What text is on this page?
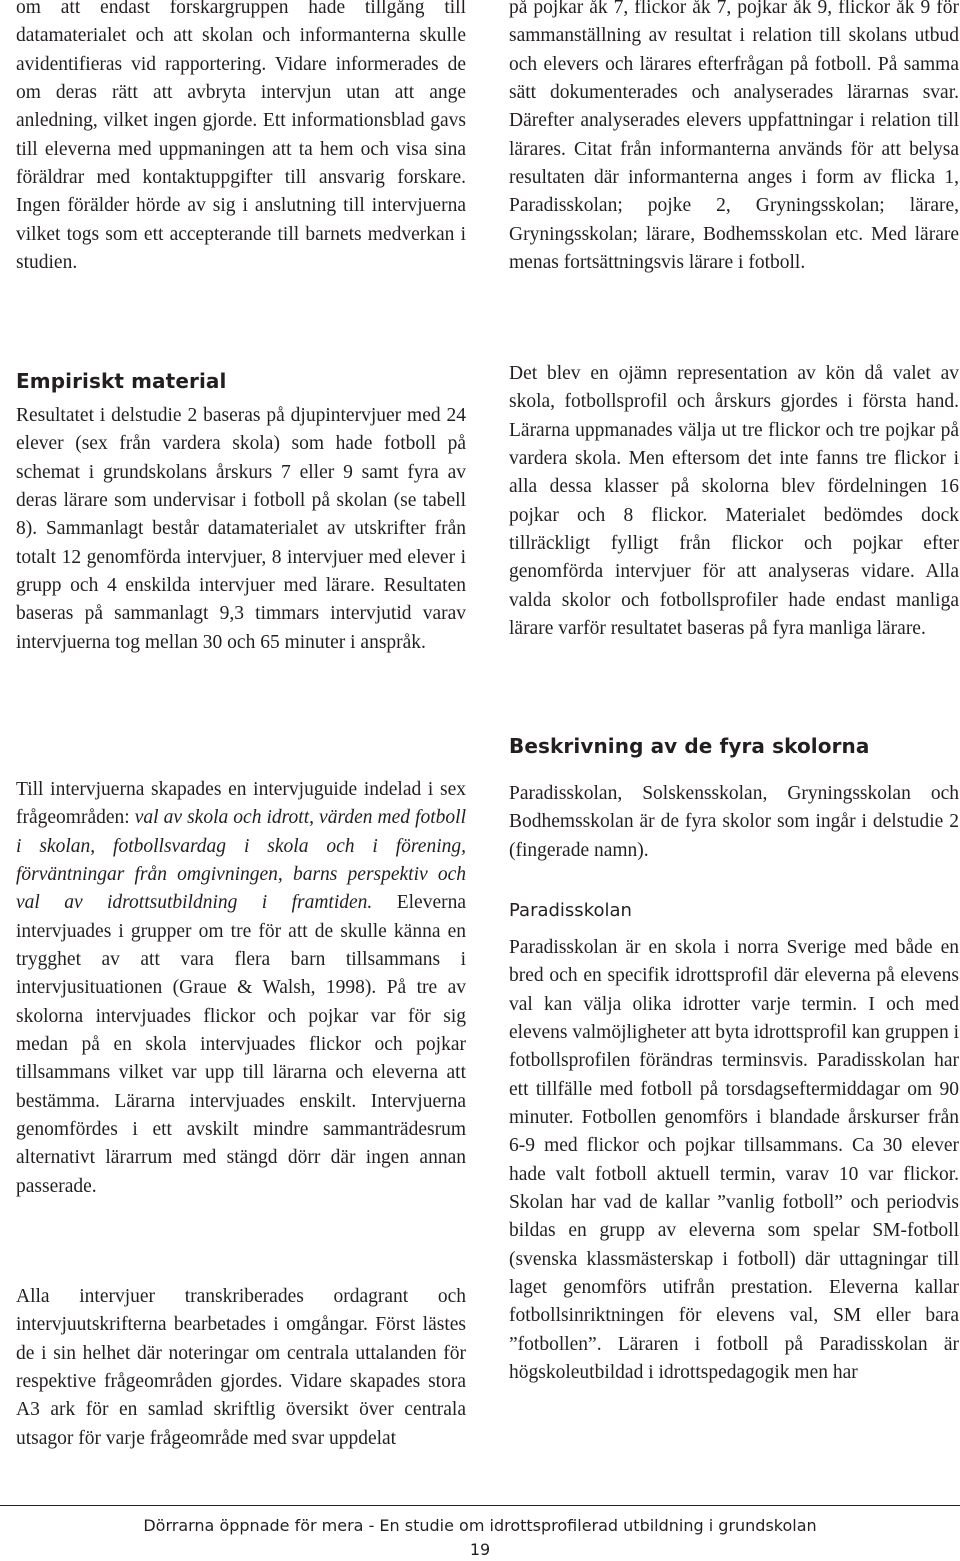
om att endast forskargruppen hade tillgång till datamaterialet och att skolan och informanterna skulle avidentifieras vid rapportering. Vidare informerades de om deras rätt att avbryta intervjun utan att ange anledning, vilket ingen gjorde. Ett informationsblad gavs till eleverna med uppmaningen att ta hem och visa sina föräldrar med kontaktuppgifter till ansvarig forskare. Ingen förälder hörde av sig i anslutning till intervjuerna vilket togs som ett accepterande till barnets medverkan i studien.

Empiriskt material

Resultatet i delstudie 2 baseras på djupintervjuer med 24 elever (sex från vardera skola) som hade fotboll på schemat i grundskolans årskurs 7 eller 9 samt fyra av deras lärare som undervisar i fotboll på skolan (se tabell 8). Sammanlagt består datamaterialet av utskrifter från totalt 12 genomförda intervjuer, 8 intervjuer med elever i grupp och 4 enskilda intervjuer med lärare. Resultaten baseras på sammanlagt 9,3 timmars intervjutid varav intervjuerna tog mellan 30 och 65 minuter i anspråk.

Till intervjuerna skapades en intervjuguide indelad i sex frågeområden: val av skola och idrott, värden med fotboll i skolan, fotbollsvardag i skola och i förening, förväntningar från omgivningen, barns perspektiv och val av idrottsutbildning i framtiden. Eleverna intervjuades i grupper om tre för att de skulle känna en trygghet av att vara flera barn tillsammans i intervjusituationen (Graue & Walsh, 1998). På tre av skolorna intervjuades flickor och pojkar var för sig medan på en skola intervjuades flickor och pojkar tillsammans vilket var upp till lärarna och eleverna att bestämma. Lärarna intervjuades enskilt. Intervjuerna genomfördes i ett avskilt mindre sammanträdesrum alternativt lärarrum med stängd dörr där ingen annan passerade.

Alla intervjuer transkriberades ordagrant och intervjuutskrifterna bearbetades i omgångar. Först lästes de i sin helhet där noteringar om centrala uttalanden för respektive frågeområden gjordes. Vidare skapades stora A3 ark för en samlad skriftlig översikt över centrala utsagor för varje frågeområde med svar uppdelat

på pojkar åk 7, flickor åk 7, pojkar åk 9, flickor åk 9 för sammanställning av resultat i relation till skolans utbud och elevers och lärares efterfrågan på fotboll. På samma sätt dokumenterades och analyserades lärarnas svar. Därefter analyserades elevers uppfattningar i relation till lärares. Citat från informanterna används för att belysa resultaten där informanterna anges i form av flicka 1, Paradisskolan; pojke 2, Gryningsskolan; lärare, Gryningsskolan; lärare, Bodhemsskolan etc. Med lärare menas fortsättningsvis lärare i fotboll.

Det blev en ojämn representation av kön då valet av skola, fotbollsprofil och årskurs gjordes i första hand. Lärarna uppmanades välja ut tre flickor och tre pojkar på vardera skola. Men eftersom det inte fanns tre flickor i alla dessa klasser på skolorna blev fördelningen 16 pojkar och 8 flickor. Materialet bedömdes dock tillräckligt fylligt från flickor och pojkar efter genomförda intervjuer för att analyseras vidare. Alla valda skolor och fotbollsprofiler hade endast manliga lärare varför resultatet baseras på fyra manliga lärare.

Beskrivning av de fyra skolorna

Paradisskolan, Solskensskolan, Gryningsskolan och Bodhemsskolan är de fyra skolor som ingår i delstudie 2 (fingerade namn).

Paradisskolan

Paradisskolan är en skola i norra Sverige med både en bred och en specifik idrottsprofil där eleverna på elevens val kan välja olika idrotter varje termin. I och med elevens valmöjligheter att byta idrottsprofil kan gruppen i fotbollsprofilen förändras terminsvis. Paradisskolan har ett tillfälle med fotboll på torsdagseftermiddagar om 90 minuter. Fotbollen genomförs i blandade årskurser från 6-9 med flickor och pojkar tillsammans. Ca 30 elever hade valt fotboll aktuell termin, varav 10 var flickor. Skolan har vad de kallar ”vanlig fotboll” och periodvis bildas en grupp av eleverna som spelar SM-fotboll (svenska klassmästerskap i fotboll) där uttagningar till laget genomförs utifrån prestation. Eleverna kallar fotbollsinriktningen för elevens val, SM eller bara ”fotbollen”. Läraren i fotboll på Paradisskolan är högskoleutbildad i idrottspedagogik men har

Dörrarna öppnade för mera - En studie om idrottsprofilerad utbildning i grundskolan
19
